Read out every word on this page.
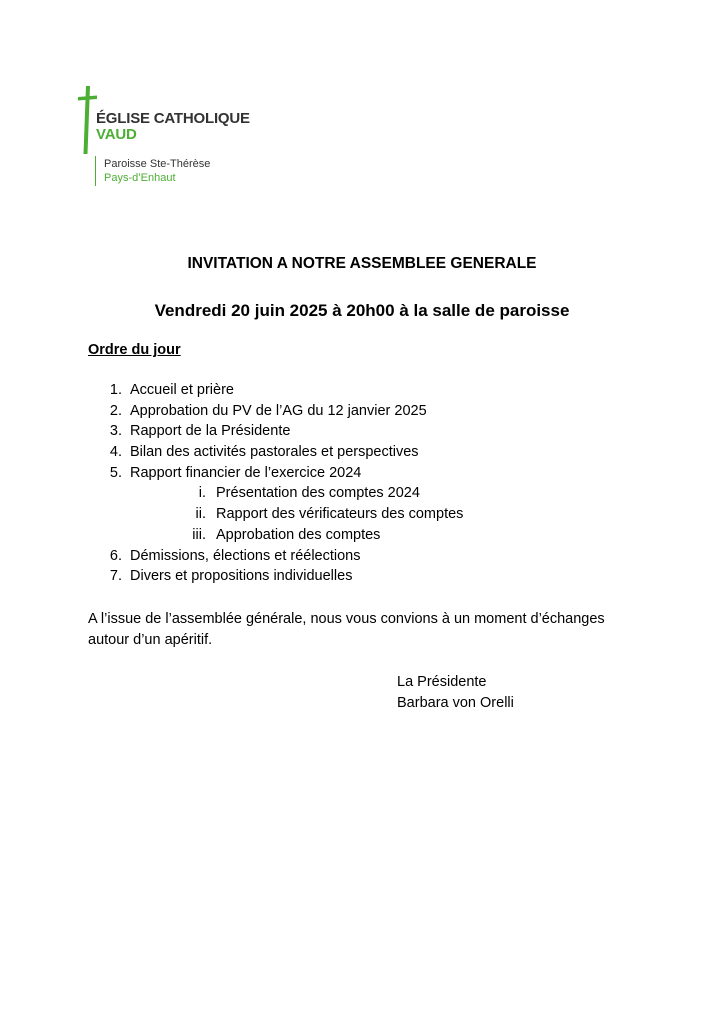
ÉGLISE CATHOLIQUE
VAUD
Paroisse Ste-Thérèse
Pays-d’Enhaut
INVITATION A NOTRE ASSEMBLEE GENERALE
Vendredi 20 juin 2025 à 20h00 à la salle de paroisse
Ordre du jour
1. Accueil et prière
2. Approbation du PV de l’AG du 12 janvier 2025
3. Rapport de la Présidente
4. Bilan des activités pastorales et perspectives
5. Rapport financier de l’exercice 2024
i. Présentation des comptes 2024
ii. Rapport des vérificateurs des comptes
iii. Approbation des comptes
6. Démissions, élections et réélections
7. Divers et propositions individuelles
A l’issue de l’assemblée générale, nous vous convions à un moment d’échanges autour d’un apéritif.
La Présidente
Barbara von Orelli
